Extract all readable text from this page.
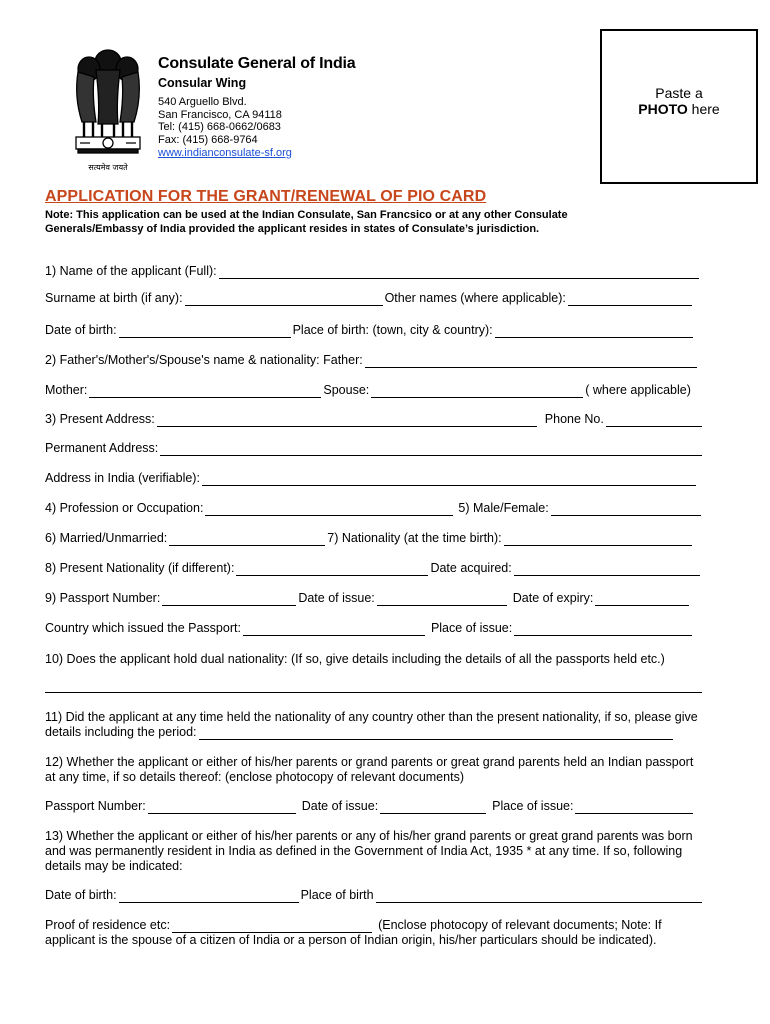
सत्यमेव जयते
Consulate General of India
Consular Wing
540 Arguello Blvd.
San Francisco, CA 94118
Tel: (415) 668-0662/0683
Fax: (415) 668-9764
www.indianconsulate-sf.org
Paste a
PHOTO here
APPLICATION FOR THE GRANT/RENEWAL OF PIO CARD
Note: This application can be used at the Indian Consulate, San Francsico or at any other Consulate
Generals/Embassy of India provided the applicant resides in states of Consulate’s jurisdiction.
1) Name of the applicant (Full):
Surname at birth (if any):	Other names (where applicable):
Date of birth:	Place of birth: (town, city & country):
2) Father's/Mother's/Spouse's name & nationality: Father:
Mother:	Spouse:	( where applicable)
3) Present Address:	Phone No.
Permanent Address:
Address in India (verifiable):
4) Profession or Occupation:	5) Male/Female:
6) Married/Unmarried:	7) Nationality (at the time birth):
8) Present Nationality (if different):	Date acquired:
9) Passport Number:	Date of issue:	Date of expiry:
Country which issued the Passport:	Place of issue:
10) Does the applicant hold dual nationality: (If so, give details including the details of all the passports held etc.)
11) Did the applicant at any time held the nationality of any country other than the present nationality, if so, please give
details including the period:
12) Whether the applicant or either of his/her parents or grand parents or great grand parents held an Indian passport
at any time, if so details thereof: (enclose photocopy of relevant documents)
Passport Number:	Date of issue:	Place of issue:
13) Whether the applicant or either of his/her parents or any of his/her grand parents or great grand parents was born
and was permanently resident in India as defined in the Government of India Act, 1935 * at any time. If so, following
details may be indicated:
Date of birth:	Place of birth
Proof of residence etc:	(Enclose photocopy of relevant documents; Note: If
applicant is the spouse of a citizen of India or a person of Indian origin, his/her particulars should be indicated).
